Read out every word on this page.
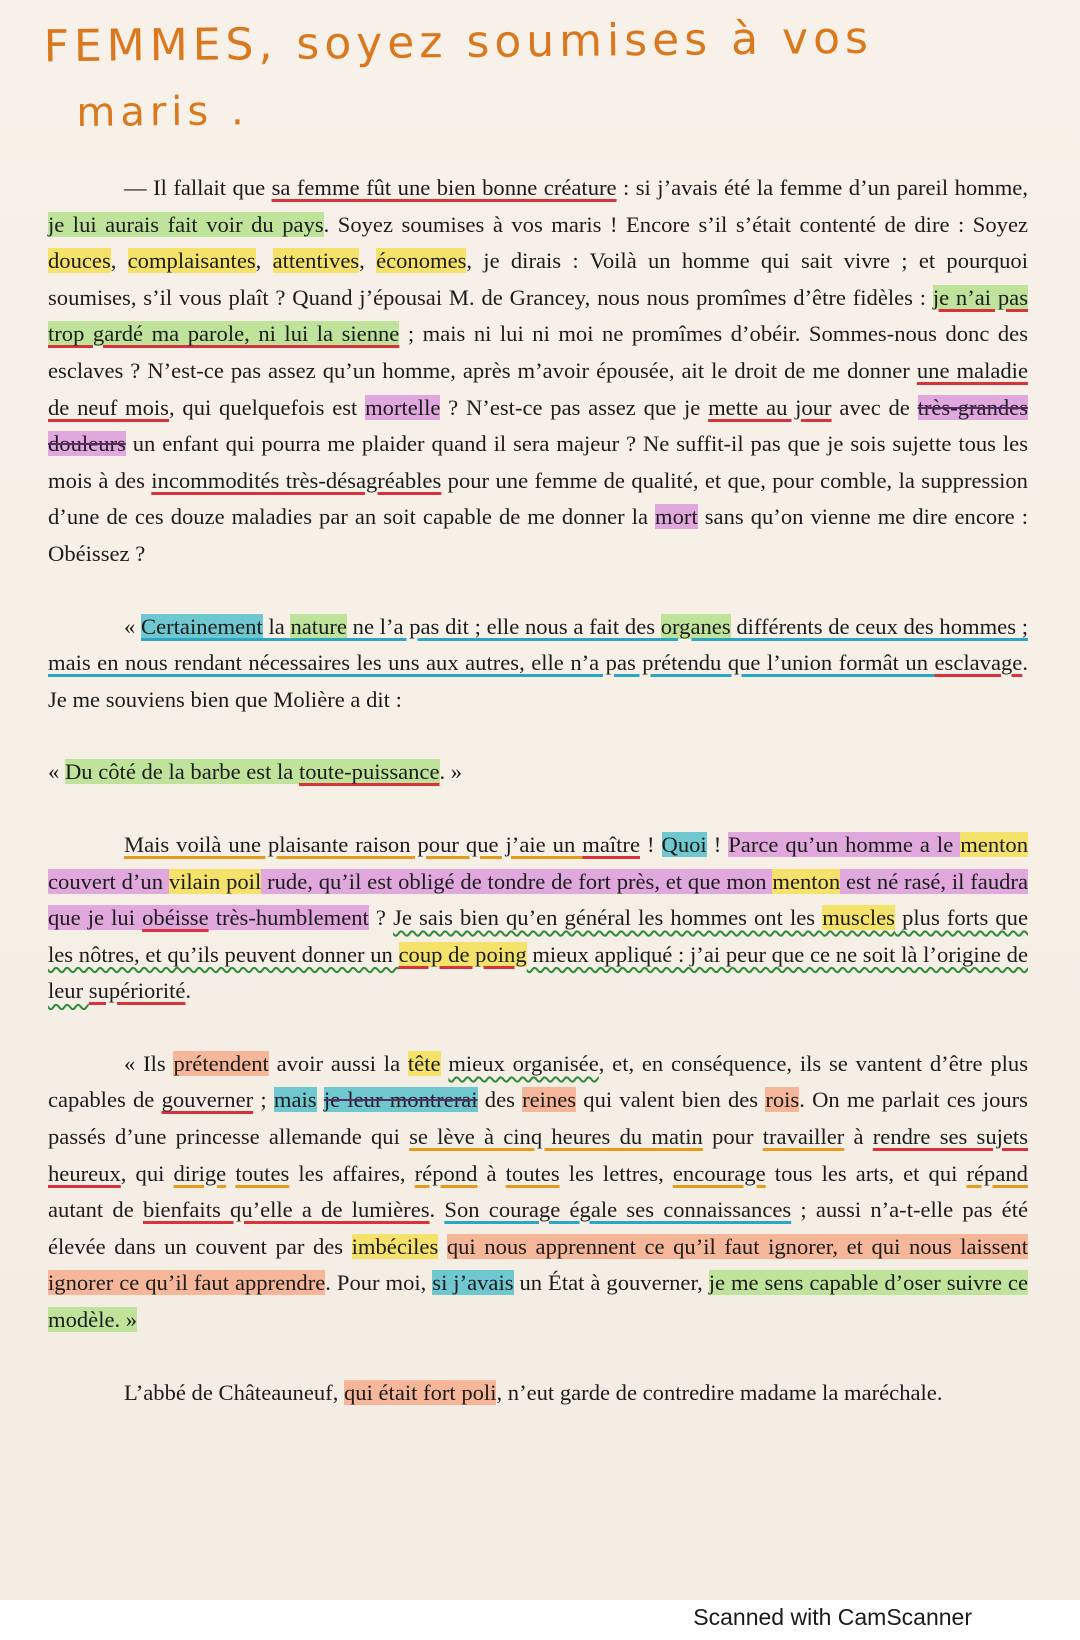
FEMMES, soyez soumises à vos
maris .

— Il fallait que sa femme fût une bien bonne créature : si j’avais été la femme d’un pareil homme, je lui aurais fait voir du pays. Soyez soumises à vos maris ! Encore s’il s’était contenté de dire : Soyez douces, complaisantes, attentives, économes, je dirais : Voilà un homme qui sait vivre ; et pourquoi soumises, s’il vous plaît ? Quand j’épousai M. de Grancey, nous nous promîmes d’être fidèles : je n’ai pas trop gardé ma parole, ni lui la sienne ; mais ni lui ni moi ne promîmes d’obéir. Sommes-nous donc des esclaves ? N’est-ce pas assez qu’un homme, après m’avoir épousée, ait le droit de me donner une maladie de neuf mois, qui quelquefois est mortelle ? N’est-ce pas assez que je mette au jour avec de très-grandes douleurs un enfant qui pourra me plaider quand il sera majeur ? Ne suffit-il pas que je sois sujette tous les mois à des incommodités très-désagréables pour une femme de qualité, et que, pour comble, la suppression d’une de ces douze maladies par an soit capable de me donner la mort sans qu’on vienne me dire encore : Obéissez ?

« Certainement la nature ne l’a pas dit ; elle nous a fait des organes différents de ceux des hommes ; mais en nous rendant nécessaires les uns aux autres, elle n’a pas prétendu que l’union formât un esclavage. Je me souviens bien que Molière a dit :

« Du côté de la barbe est la toute-puissance. »

Mais voilà une plaisante raison pour que j’aie un maître ! Quoi ! Parce qu’un homme a le menton couvert d’un vilain poil rude, qu’il est obligé de tondre de fort près, et que mon menton est né rasé, il faudra que je lui obéisse très-humblement ? Je sais bien qu’en général les hommes ont les muscles plus forts que les nôtres, et qu’ils peuvent donner un coup de poing mieux appliqué : j’ai peur que ce ne soit là l’origine de leur supériorité.

« Ils prétendent avoir aussi la tête mieux organisée, et, en conséquence, ils se vantent d’être plus capables de gouverner ; mais je leur montrerai des reines qui valent bien des rois. On me parlait ces jours passés d’une princesse allemande qui se lève à cinq heures du matin pour travailler à rendre ses sujets heureux, qui dirige toutes les affaires, répond à toutes les lettres, encourage tous les arts, et qui répand autant de bienfaits qu’elle a de lumières. Son courage égale ses connaissances ; aussi n’a-t-elle pas été élevée dans un couvent par des imbéciles qui nous apprennent ce qu’il faut ignorer, et qui nous laissent ignorer ce qu’il faut apprendre. Pour moi, si j’avais un État à gouverner, je me sens capable d’oser suivre ce modèle. »

L’abbé de Châteauneuf, qui était fort poli, n’eut garde de contredire madame la maréchale.

Scanned with CamScanner
